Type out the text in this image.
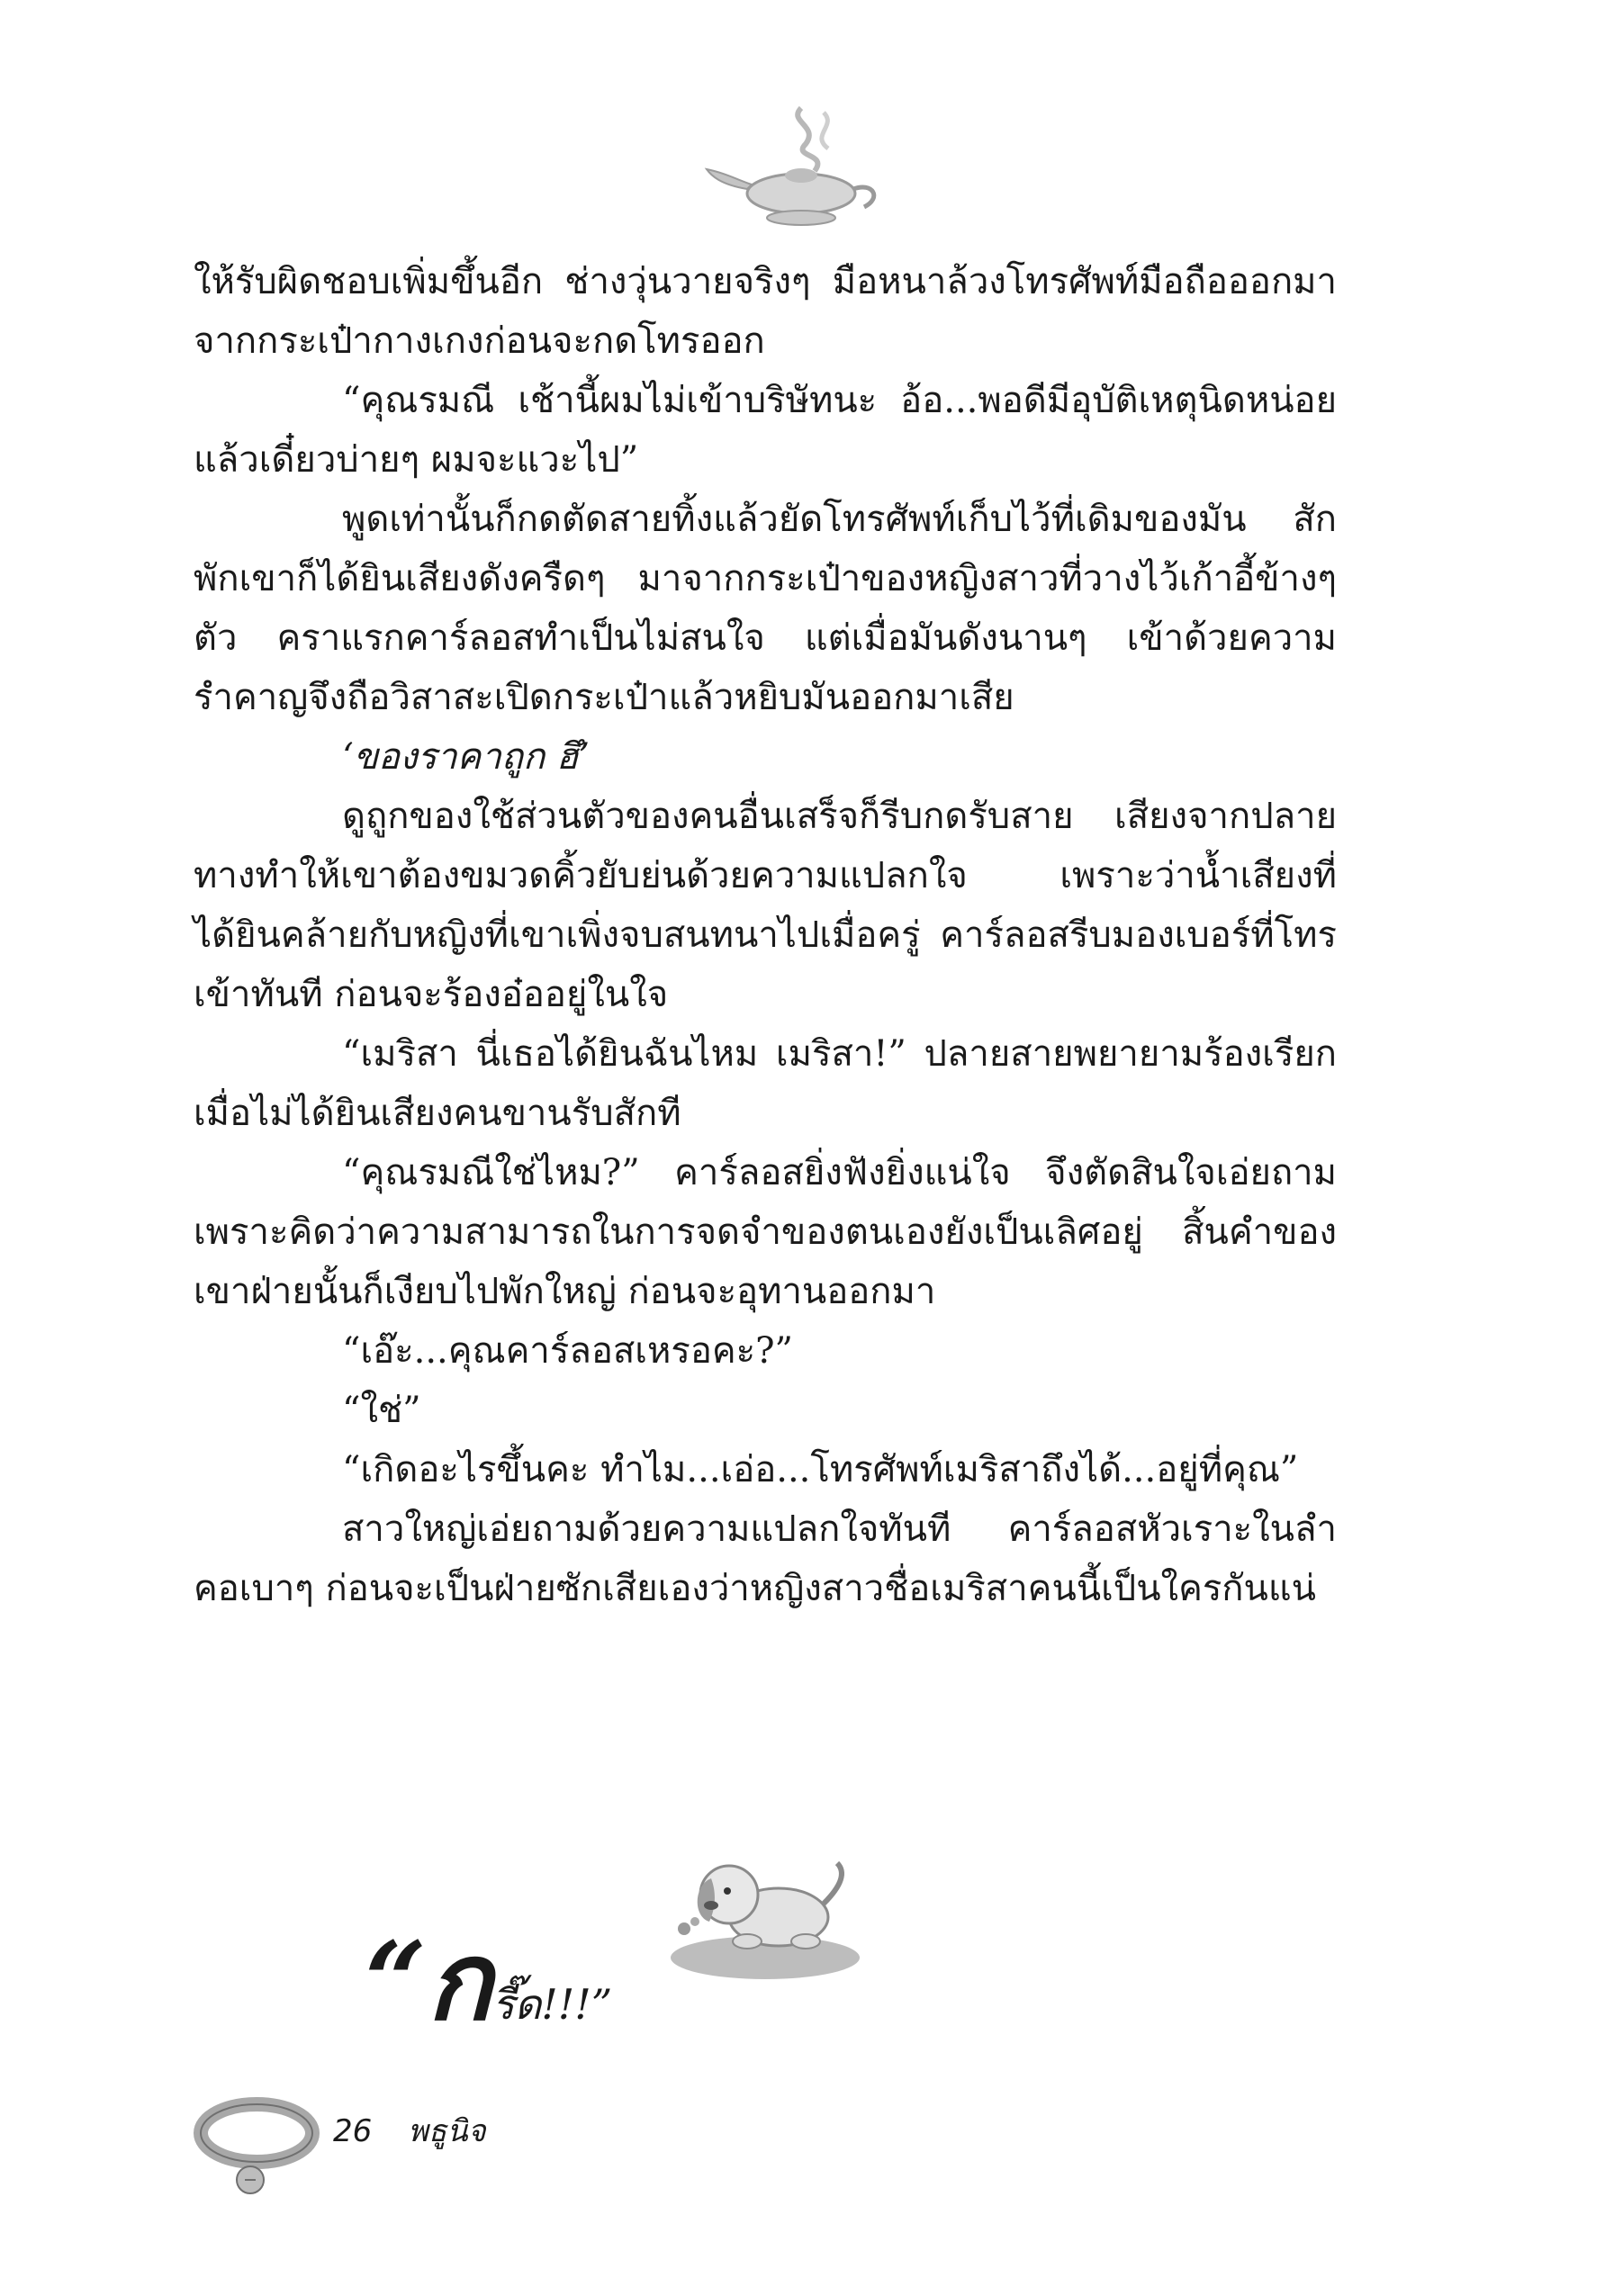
ให้รับผิดชอบเพิ่มขึ้นอีก ช่างวุ่นวายจริงๆ มือหนาล้วงโทรศัพท์มือถือออกมาจากกระเป๋ากางเกงก่อนจะกดโทรออก

“คุณรมณี เช้านี้ผมไม่เข้าบริษัทนะ อ้อ...พอดีมีอุบัติเหตุนิดหน่อย แล้วเดี๋ยวบ่ายๆ ผมจะแวะไป”

พูดเท่านั้นก็กดตัดสายทิ้งแล้วยัดโทรศัพท์เก็บไว้ที่เดิมของมัน สักพักเขาก็ได้ยินเสียงดังครืดๆ มาจากกระเป๋าของหญิงสาวที่วางไว้เก้าอี้ข้างๆ ตัว คราแรกคาร์ลอสทำเป็นไม่สนใจ แต่เมื่อมันดังนานๆ เข้าด้วยความรำคาญจึงถือวิสาสะเปิดกระเป๋าแล้วหยิบมันออกมาเสีย

‘ของราคาถูก ฮึ’

ดูถูกของใช้ส่วนตัวของคนอื่นเสร็จก็รีบกดรับสาย เสียงจากปลายทางทำให้เขาต้องขมวดคิ้วยับย่นด้วยความแปลกใจ เพราะว่าน้ำเสียงที่ได้ยินคล้ายกับหญิงที่เขาเพิ่งจบสนทนาไปเมื่อครู่ คาร์ลอสรีบมองเบอร์ที่โทรเข้าทันที ก่อนจะร้องอ๋ออยู่ในใจ

“เมริสา นี่เธอได้ยินฉันไหม เมริสา!” ปลายสายพยายามร้องเรียกเมื่อไม่ได้ยินเสียงคนขานรับสักที

“คุณรมณีใช่ไหม?” คาร์ลอสยิ่งฟังยิ่งแน่ใจ จึงตัดสินใจเอ่ยถาม เพราะคิดว่าความสามารถในการจดจำของตนเองยังเป็นเลิศอยู่ สิ้นคำของเขาฝ่ายนั้นก็เงียบไปพักใหญ่ ก่อนจะอุทานออกมา

“เอ๊ะ...คุณคาร์ลอสเหรอคะ?”

“ใช่”

“เกิดอะไรขึ้นคะ ทำไม...เอ่อ...โทรศัพท์เมริสาถึงได้...อยู่ที่คุณ”

สาวใหญ่เอ่ยถามด้วยความแปลกใจทันที คาร์ลอสหัวเราะในลำคอเบาๆ ก่อนจะเป็นฝ่ายซักเสียเองว่าหญิงสาวชื่อเมริสาคนนี้เป็นใครกันแน่

“กรี๊ด!!!”
26 พธูนิจ
